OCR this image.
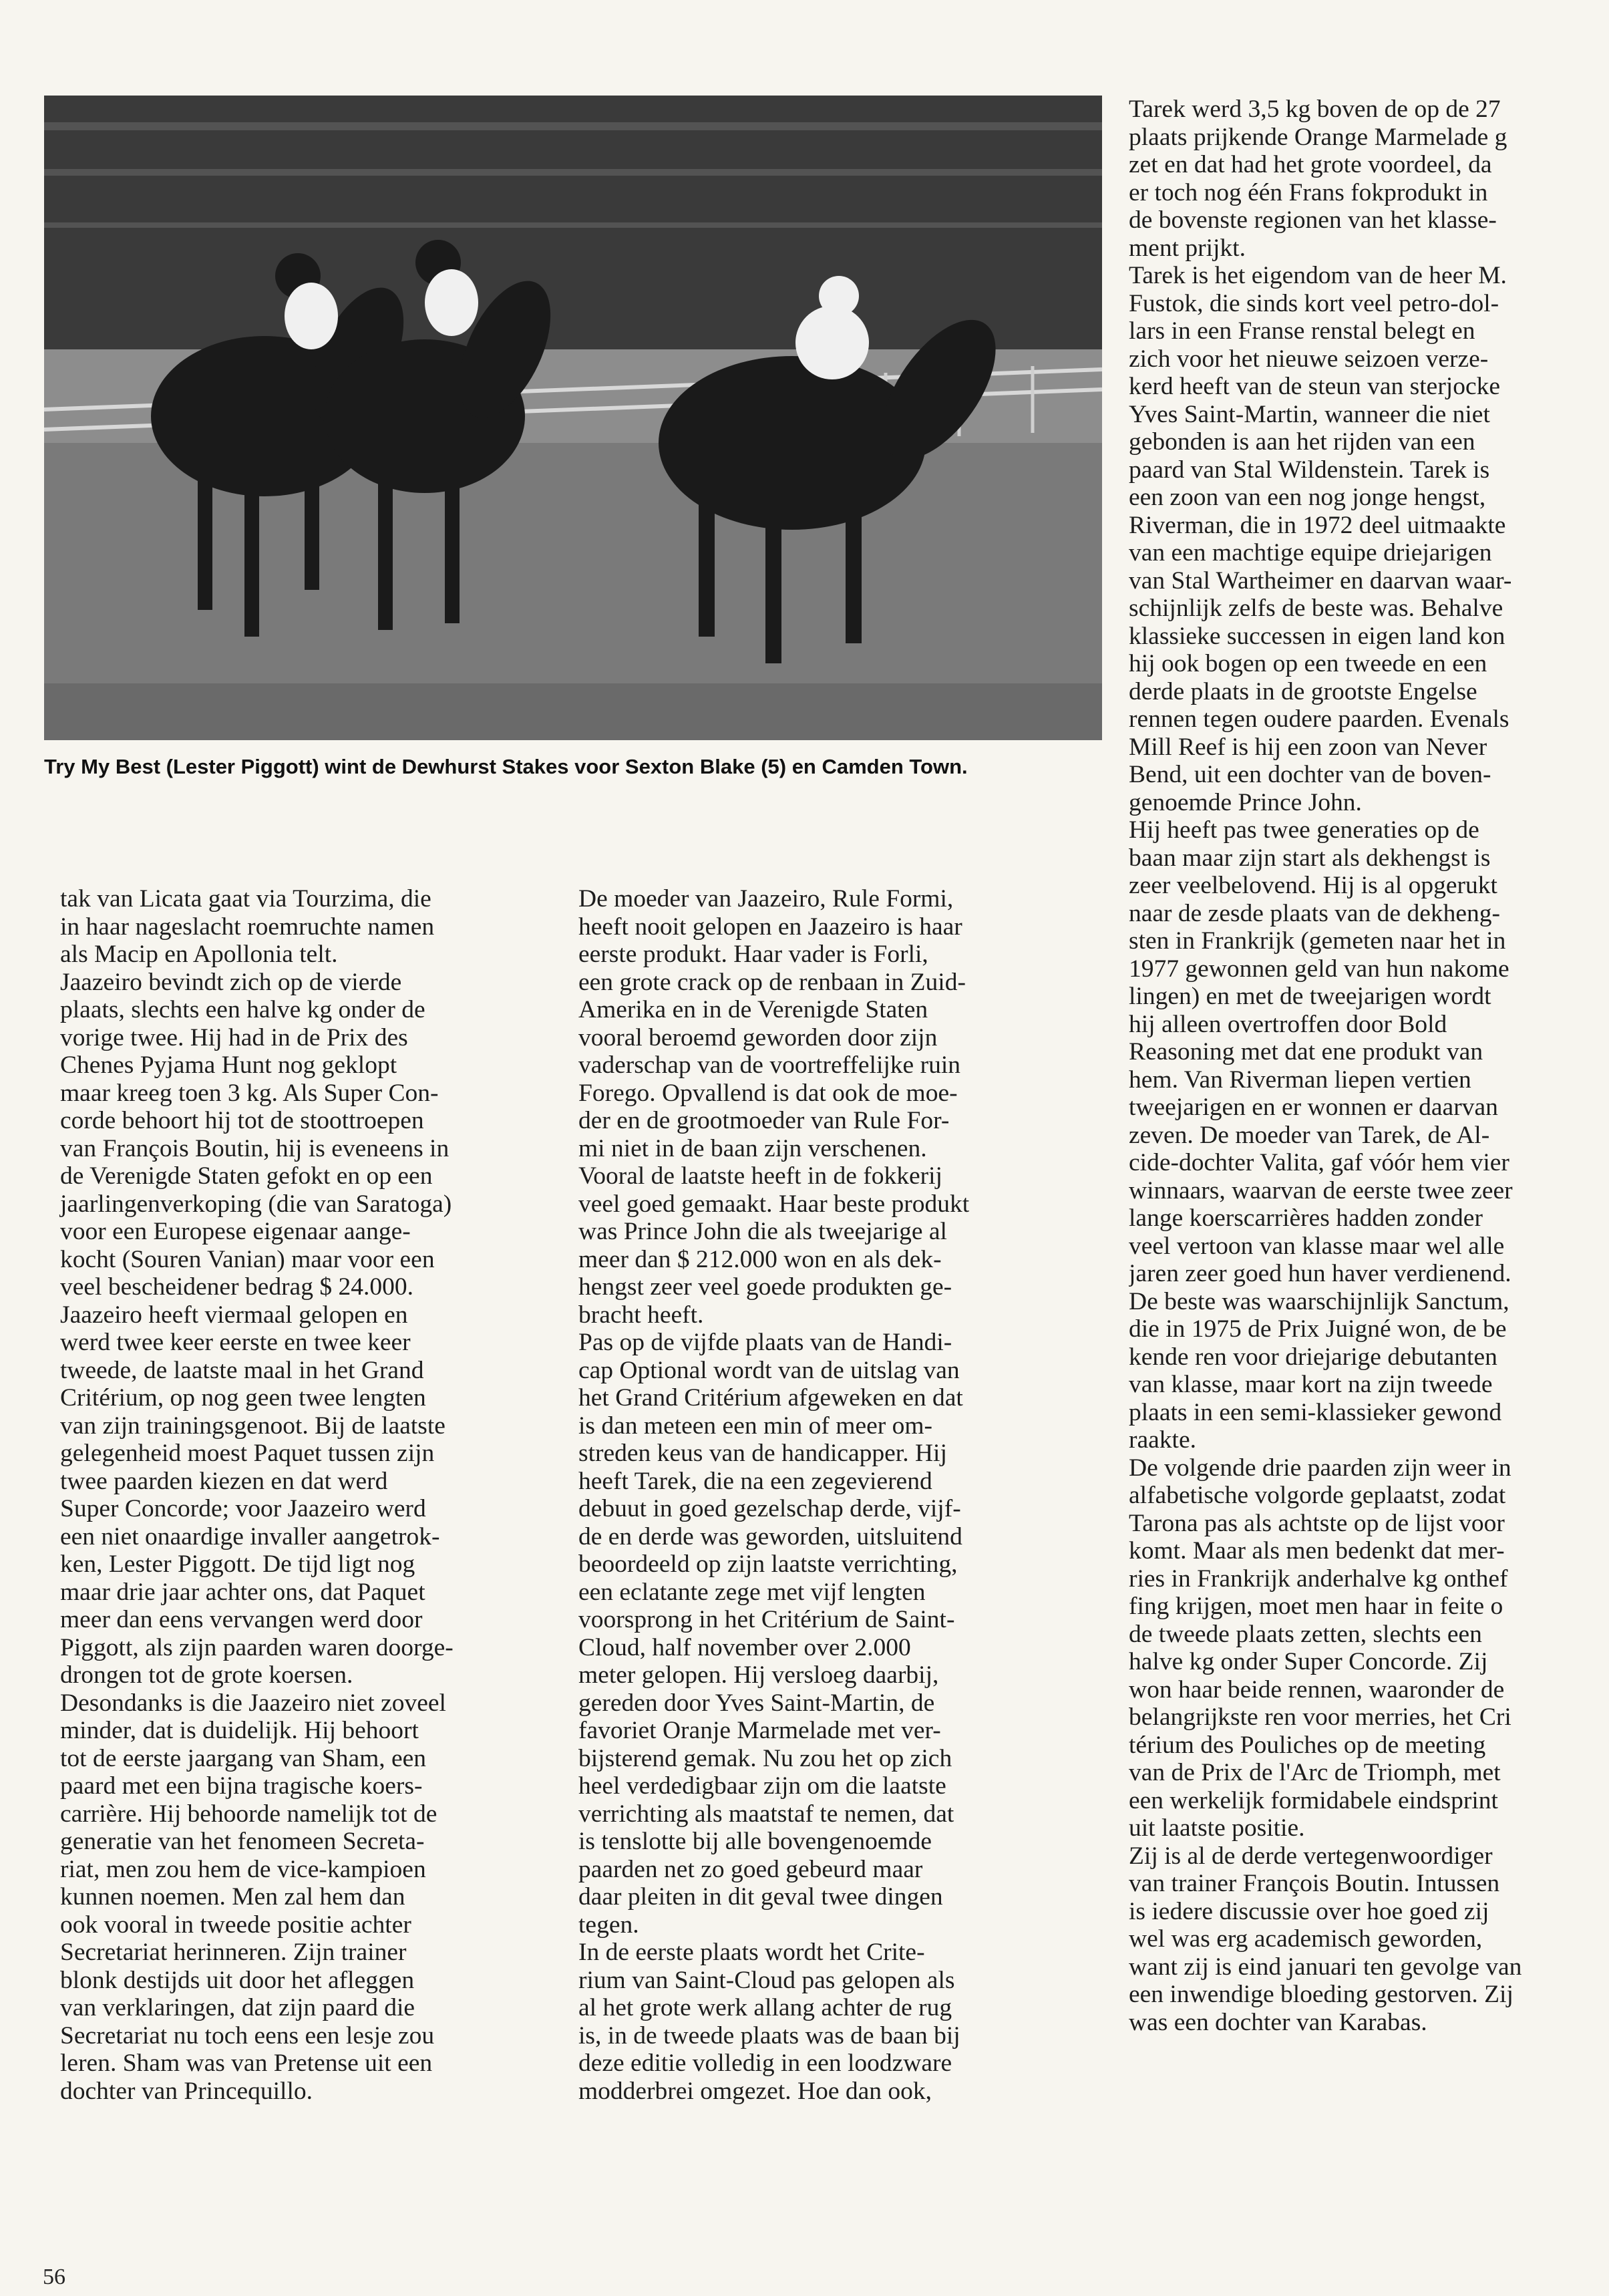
Try My Best (Lester Piggott) wint de Dewhurst Stakes voor Sexton Blake (5) en Camden Town.
tak van Licata gaat via Tourzima, die
in haar nageslacht roemruchte namen
als Macip en Apollonia telt.
Jaazeiro bevindt zich op de vierde
plaats, slechts een halve kg onder de
vorige twee. Hij had in de Prix des
Chenes Pyjama Hunt nog geklopt
maar kreeg toen 3 kg. Als Super Con-
corde behoort hij tot de stoottroepen
van François Boutin, hij is eveneens in
de Verenigde Staten gefokt en op een
jaarlingenverkoping (die van Saratoga)
voor een Europese eigenaar aange-
kocht (Souren Vanian) maar voor een
veel bescheidener bedrag $ 24.000.
Jaazeiro heeft viermaal gelopen en
werd twee keer eerste en twee keer
tweede, de laatste maal in het Grand
Critérium, op nog geen twee lengten
van zijn trainingsgenoot. Bij de laatste
gelegenheid moest Paquet tussen zijn
twee paarden kiezen en dat werd
Super Concorde; voor Jaazeiro werd
een niet onaardige invaller aangetrok-
ken, Lester Piggott. De tijd ligt nog
maar drie jaar achter ons, dat Paquet
meer dan eens vervangen werd door
Piggott, als zijn paarden waren doorge-
drongen tot de grote koersen.
Desondanks is die Jaazeiro niet zoveel
minder, dat is duidelijk. Hij behoort
tot de eerste jaargang van Sham, een
paard met een bijna tragische koers-
carrière. Hij behoorde namelijk tot de
generatie van het fenomeen Secreta-
riat, men zou hem de vice-kampioen
kunnen noemen. Men zal hem dan
ook vooral in tweede positie achter
Secretariat herinneren. Zijn trainer
blonk destijds uit door het afleggen
van verklaringen, dat zijn paard die
Secretariat nu toch eens een lesje zou
leren. Sham was van Pretense uit een
dochter van Princequillo.
De moeder van Jaazeiro, Rule Formi,
heeft nooit gelopen en Jaazeiro is haar
eerste produkt. Haar vader is Forli,
een grote crack op de renbaan in Zuid-
Amerika en in de Verenigde Staten
vooral beroemd geworden door zijn
vaderschap van de voortreffelijke ruin
Forego. Opvallend is dat ook de moe-
der en de grootmoeder van Rule For-
mi niet in de baan zijn verschenen.
Vooral de laatste heeft in de fokkerij
veel goed gemaakt. Haar beste produkt
was Prince John die als tweejarige al
meer dan $ 212.000 won en als dek-
hengst zeer veel goede produkten ge-
bracht heeft.
Pas op de vijfde plaats van de Handi-
cap Optional wordt van de uitslag van
het Grand Critérium afgeweken en dat
is dan meteen een min of meer om-
streden keus van de handicapper. Hij
heeft Tarek, die na een zegevierend
debuut in goed gezelschap derde, vijf-
de en derde was geworden, uitsluitend
beoordeeld op zijn laatste verrichting,
een eclatante zege met vijf lengten
voorsprong in het Critérium de Saint-
Cloud, half november over 2.000
meter gelopen. Hij versloeg daarbij,
gereden door Yves Saint-Martin, de
favoriet Oranje Marmelade met ver-
bijsterend gemak. Nu zou het op zich
heel verdedigbaar zijn om die laatste
verrichting als maatstaf te nemen, dat
is tenslotte bij alle bovengenoemde
paarden net zo goed gebeurd maar
daar pleiten in dit geval twee dingen
tegen.
In de eerste plaats wordt het Crite-
rium van Saint-Cloud pas gelopen als
al het grote werk allang achter de rug
is, in de tweede plaats was de baan bij
deze editie volledig in een loodzware
modderbrei omgezet. Hoe dan ook,
Tarek werd 3,5 kg boven de op de 27
plaats prijkende Orange Marmelade g
zet en dat had het grote voordeel, da
er toch nog één Frans fokprodukt in
de bovenste regionen van het klasse-
ment prijkt.
Tarek is het eigendom van de heer M.
Fustok, die sinds kort veel petro-dol-
lars in een Franse renstal belegt en
zich voor het nieuwe seizoen verze-
kerd heeft van de steun van sterjocke
Yves Saint-Martin, wanneer die niet
gebonden is aan het rijden van een
paard van Stal Wildenstein. Tarek is
een zoon van een nog jonge hengst,
Riverman, die in 1972 deel uitmaakte
van een machtige equipe driejarigen
van Stal Wartheimer en daarvan waar-
schijnlijk zelfs de beste was. Behalve
klassieke successen in eigen land kon
hij ook bogen op een tweede en een
derde plaats in de grootste Engelse
rennen tegen oudere paarden. Evenals
Mill Reef is hij een zoon van Never
Bend, uit een dochter van de boven-
genoemde Prince John.
Hij heeft pas twee generaties op de
baan maar zijn start als dekhengst is
zeer veelbelovend. Hij is al opgerukt
naar de zesde plaats van de dekheng-
sten in Frankrijk (gemeten naar het in
1977 gewonnen geld van hun nakome
lingen) en met de tweejarigen wordt
hij alleen overtroffen door Bold
Reasoning met dat ene produkt van
hem. Van Riverman liepen vertien
tweejarigen en er wonnen er daarvan
zeven. De moeder van Tarek, de Al-
cide-dochter Valita, gaf vóór hem vier
winnaars, waarvan de eerste twee zeer
lange koerscarrières hadden zonder
veel vertoon van klasse maar wel alle
jaren zeer goed hun haver verdienend.
De beste was waarschijnlijk Sanctum,
die in 1975 de Prix Juigné won, de be
kende ren voor driejarige debutanten
van klasse, maar kort na zijn tweede
plaats in een semi-klassieker gewond
raakte.
De volgende drie paarden zijn weer in
alfabetische volgorde geplaatst, zodat
Tarona pas als achtste op de lijst voor
komt. Maar als men bedenkt dat mer-
ries in Frankrijk anderhalve kg onthef
fing krijgen, moet men haar in feite o
de tweede plaats zetten, slechts een
halve kg onder Super Concorde. Zij
won haar beide rennen, waaronder de
belangrijkste ren voor merries, het Cri
térium des Pouliches op de meeting
van de Prix de l'Arc de Triomph, met
een werkelijk formidabele eindsprint
uit laatste positie.
Zij is al de derde vertegenwoordiger
van trainer François Boutin. Intussen
is iedere discussie over hoe goed zij
wel was erg academisch geworden,
want zij is eind januari ten gevolge van
een inwendige bloeding gestorven. Zij
was een dochter van Karabas.
56
